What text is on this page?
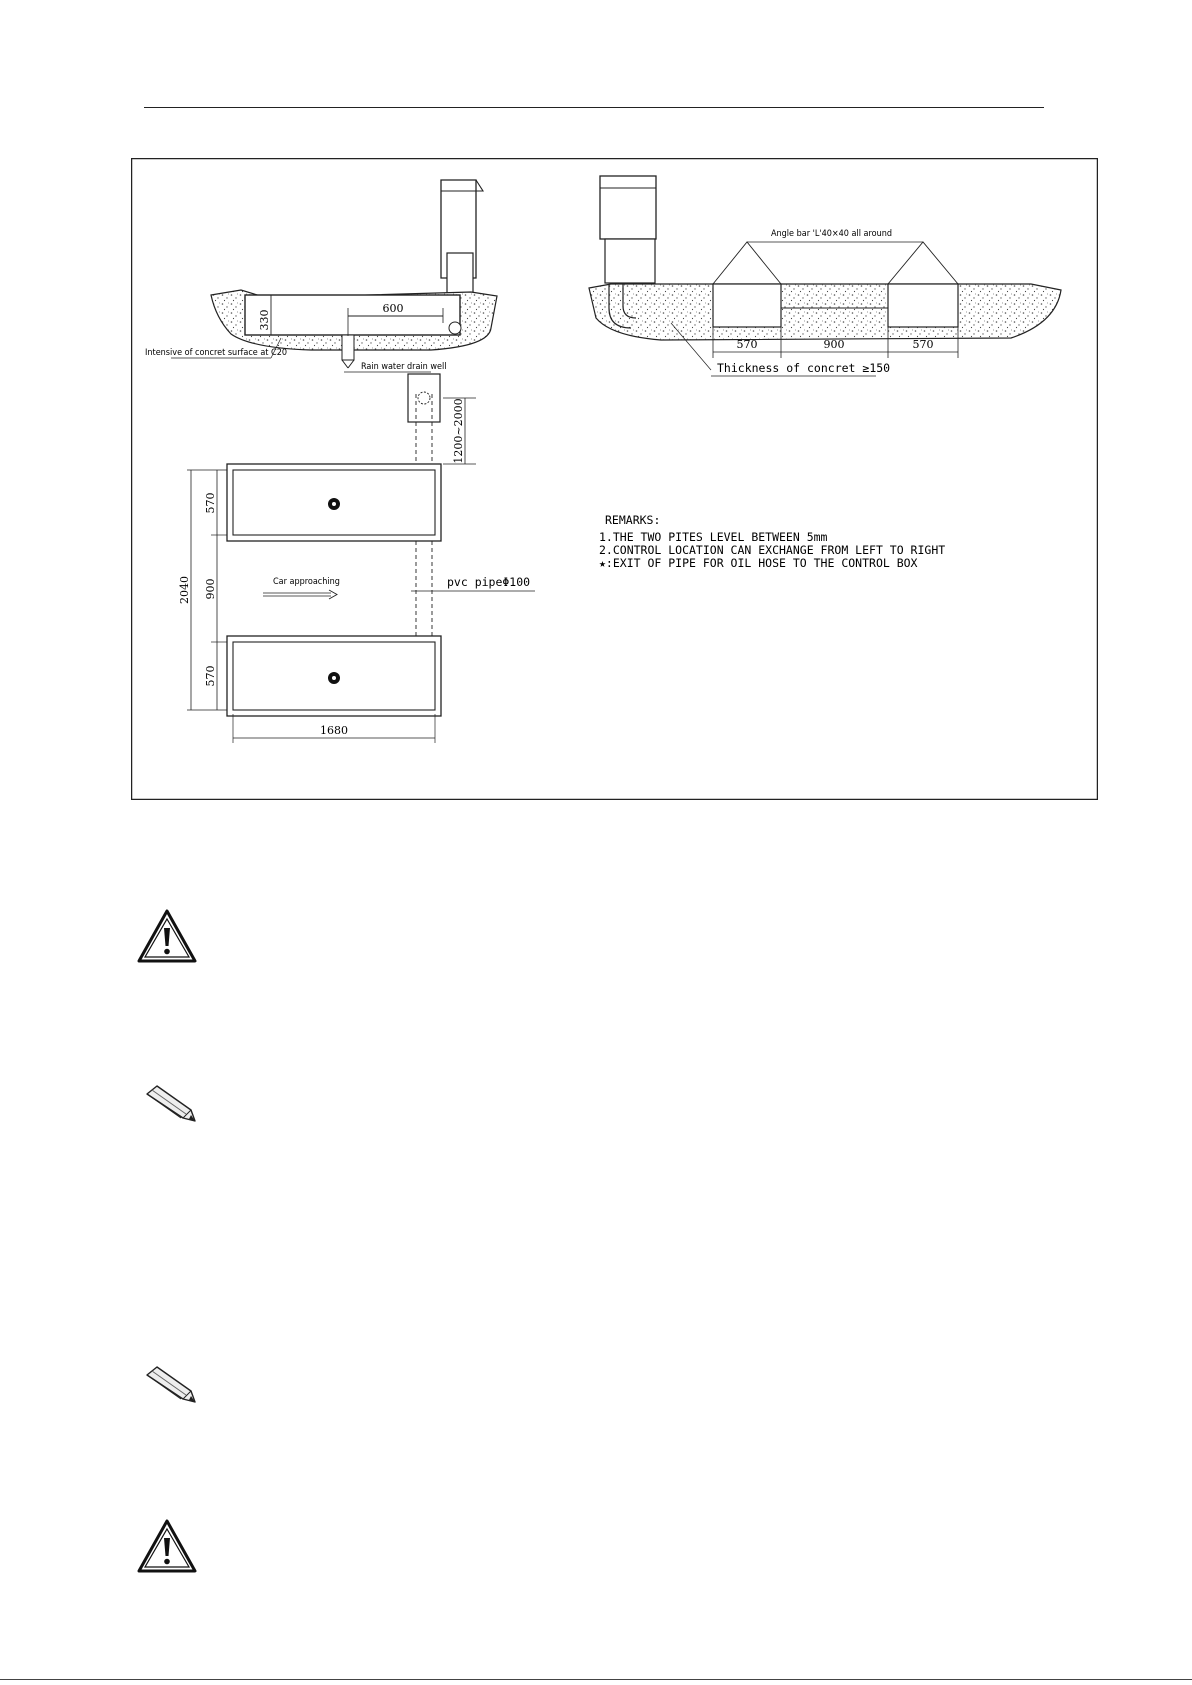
330
600
Intensive of concret surface at C20
Rain water drain well
Angle bar 'L'40×40 all around
570	900	570
Thickness of concret ≥150
1200~2000
570
900
570
2040
1680
Car approaching	pvc pipeΦ100
REMARKS:
1.THE TWO PITES LEVEL BETWEEN 5mm
2.CONTROL LOCATION CAN EXCHANGE FROM LEFT TO RIGHT
★:EXIT OF PIPE FOR OIL HOSE TO THE CONTROL BOX
